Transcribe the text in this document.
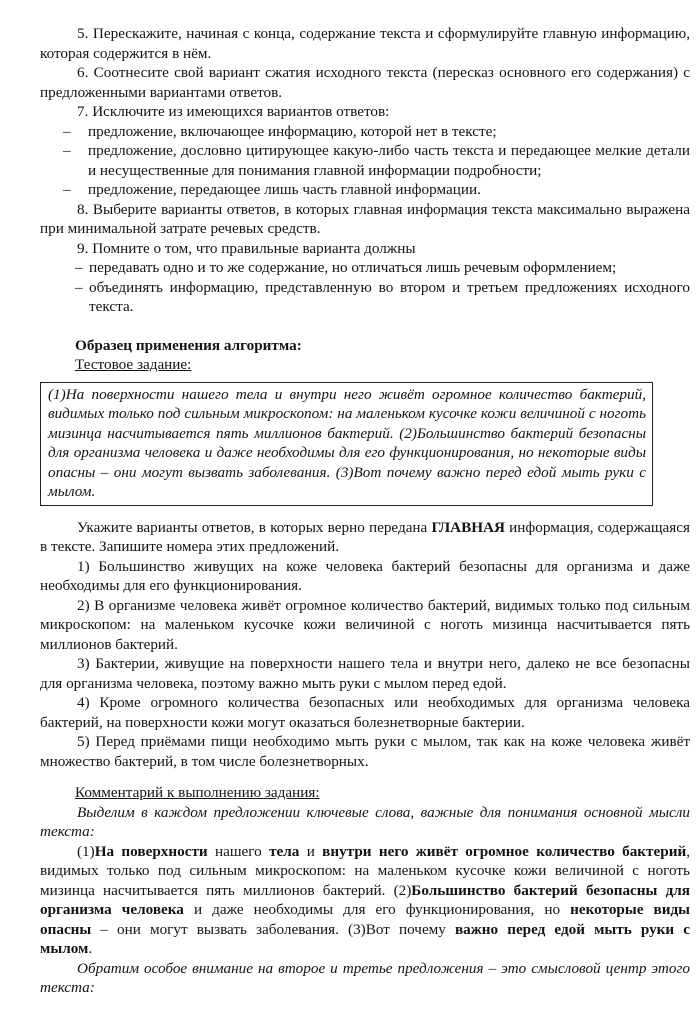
5. Перескажите, начиная с конца, содержание текста и сформулируйте главную информацию, которая содержится в нём.

6. Соотнесите свой вариант сжатия исходного текста (пересказ основного его содержания) с предложенными вариантами ответов.

7. Исключите из имеющихся вариантов ответов:

– предложение, включающее информацию, которой нет в тексте;
– предложение, дословно цитирующее какую-либо часть текста и передающее мелкие детали и несущественные для понимания главной информации подробности;
– предложение, передающее лишь часть главной информации.

8. Выберите варианты ответов, в которых главная информация текста максимально выражена при минимальной затрате речевых средств.

9. Помните о том, что правильные варианта должны

– передавать одно и то же содержание, но отличаться лишь речевым оформлением;
– объединять информацию, представленную во втором и третьем предложениях исходного текста.

Образец применения алгоритма:

Тестовое задание:

(1)На поверхности нашего тела и внутри него живёт огромное количество бактерий, видимых только под сильным микроскопом: на маленьком кусочке кожи величиной с ноготь мизинца насчитывается пять миллионов бактерий. (2)Большинство бактерий безопасны для организма человека и даже необходимы для его функционирования, но некоторые виды опасны – они могут вызвать заболевания. (3)Вот почему важно перед едой мыть руки с мылом.

Укажите варианты ответов, в которых верно передана ГЛАВНАЯ информация, содержащаяся в тексте. Запишите номера этих предложений.

1) Большинство живущих на коже человека бактерий безопасны для организма и даже необходимы для его функционирования.

2) В организме человека живёт огромное количество бактерий, видимых только под сильным микроскопом: на маленьком кусочке кожи величиной с ноготь мизинца насчитывается пять миллионов бактерий.

3) Бактерии, живущие на поверхности нашего тела и внутри него, далеко не все безопасны для организма человека, поэтому важно мыть руки с мылом перед едой.

4) Кроме огромного количества безопасных или необходимых для организма человека бактерий, на поверхности кожи могут оказаться болезнетворные бактерии.

5) Перед приёмами пищи необходимо мыть руки с мылом, так как на коже человека живёт множество бактерий, в том числе болезнетворных.

Комментарий к выполнению задания:

Выделим в каждом предложении ключевые слова, важные для понимания основной мысли текста:

(1)На поверхности нашего тела и внутри него живёт огромное количество бактерий, видимых только под сильным микроскопом: на маленьком кусочке кожи величиной с ноготь мизинца насчитывается пять миллионов бактерий. (2)Большинство бактерий безопасны для организма человека и даже необходимы для его функционирования, но некоторые виды опасны – они могут вызвать заболевания. (3)Вот почему важно перед едой мыть руки с мылом.

Обратим особое внимание на второе и третье предложения – это смысловой центр этого текста:
